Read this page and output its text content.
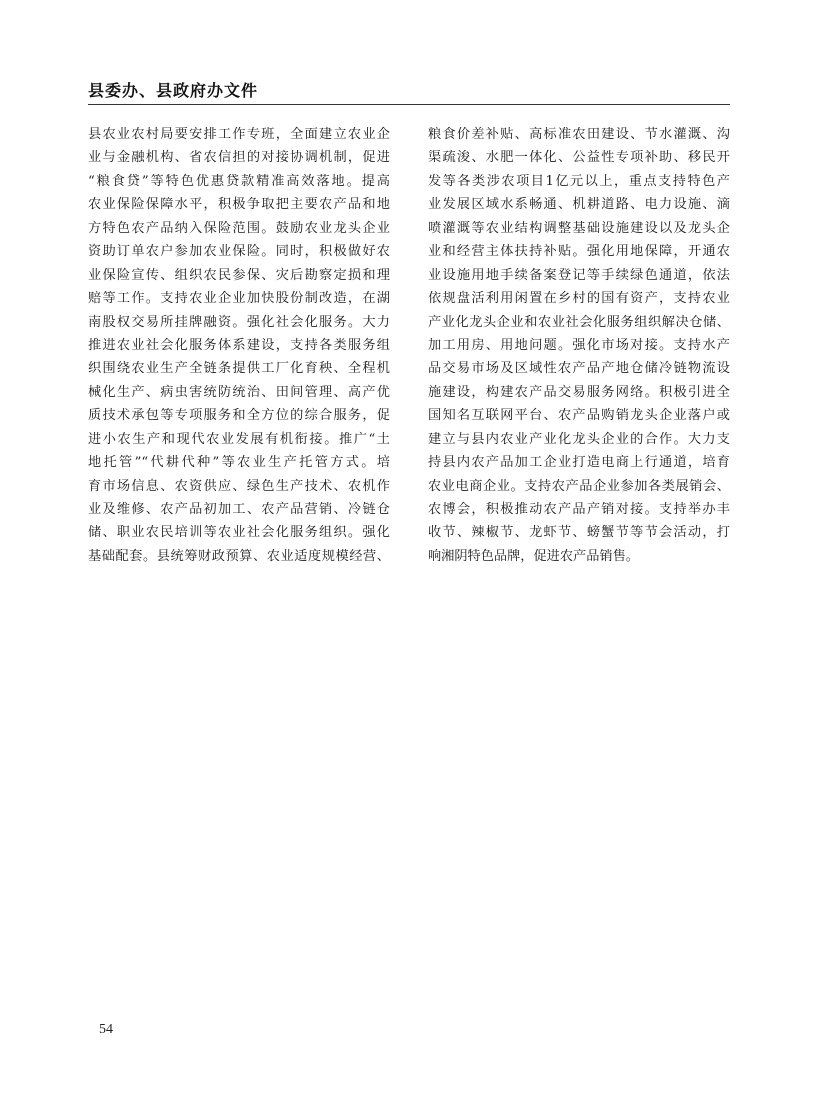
县委办、县政府办文件
县农业农村局要安排工作专班，全面建立农业企
业与金融机构、省农信担的对接协调机制，促进
“粮食贷”等特色优惠贷款精准高效落地。提高
农业保险保障水平，积极争取把主要农产品和地
方特色农产品纳入保险范围。鼓励农业龙头企业
资助订单农户参加农业保险。同时，积极做好农
业保险宣传、组织农民参保、灾后勘察定损和理
赔等工作。支持农业企业加快股份制改造，在湖
南股权交易所挂牌融资。强化社会化服务。大力
推进农业社会化服务体系建设，支持各类服务组
织围绕农业生产全链条提供工厂化育秧、全程机
械化生产、病虫害统防统治、田间管理、高产优
质技术承包等专项服务和全方位的综合服务，促
进小农生产和现代农业发展有机衔接。推广“土
地托管”“代耕代种”等农业生产托管方式。培
育市场信息、农资供应、绿色生产技术、农机作
业及维修、农产品初加工、农产品营销、冷链仓
储、职业农民培训等农业社会化服务组织。强化
基础配套。县统筹财政预算、农业适度规模经营、
粮食价差补贴、高标准农田建设、节水灌溉、沟
渠疏浚、水肥一体化、公益性专项补助、移民开
发等各类涉农项目1亿元以上，重点支持特色产
业发展区域水系畅通、机耕道路、电力设施、滴
喷灌溉等农业结构调整基础设施建设以及龙头企
业和经营主体扶持补贴。强化用地保障，开通农
业设施用地手续备案登记等手续绿色通道，依法
依规盘活利用闲置在乡村的国有资产，支持农业
产业化龙头企业和农业社会化服务组织解决仓储、
加工用房、用地问题。强化市场对接。支持水产
品交易市场及区域性农产品产地仓储冷链物流设
施建设，构建农产品交易服务网络。积极引进全
国知名互联网平台、农产品购销龙头企业落户或
建立与县内农业产业化龙头企业的合作。大力支
持县内农产品加工企业打造电商上行通道，培育
农业电商企业。支持农产品企业参加各类展销会、
农博会，积极推动农产品产销对接。支持举办丰
收节、辣椒节、龙虾节、螃蟹节等节会活动，打
响湘阴特色品牌，促进农产品销售。
54
